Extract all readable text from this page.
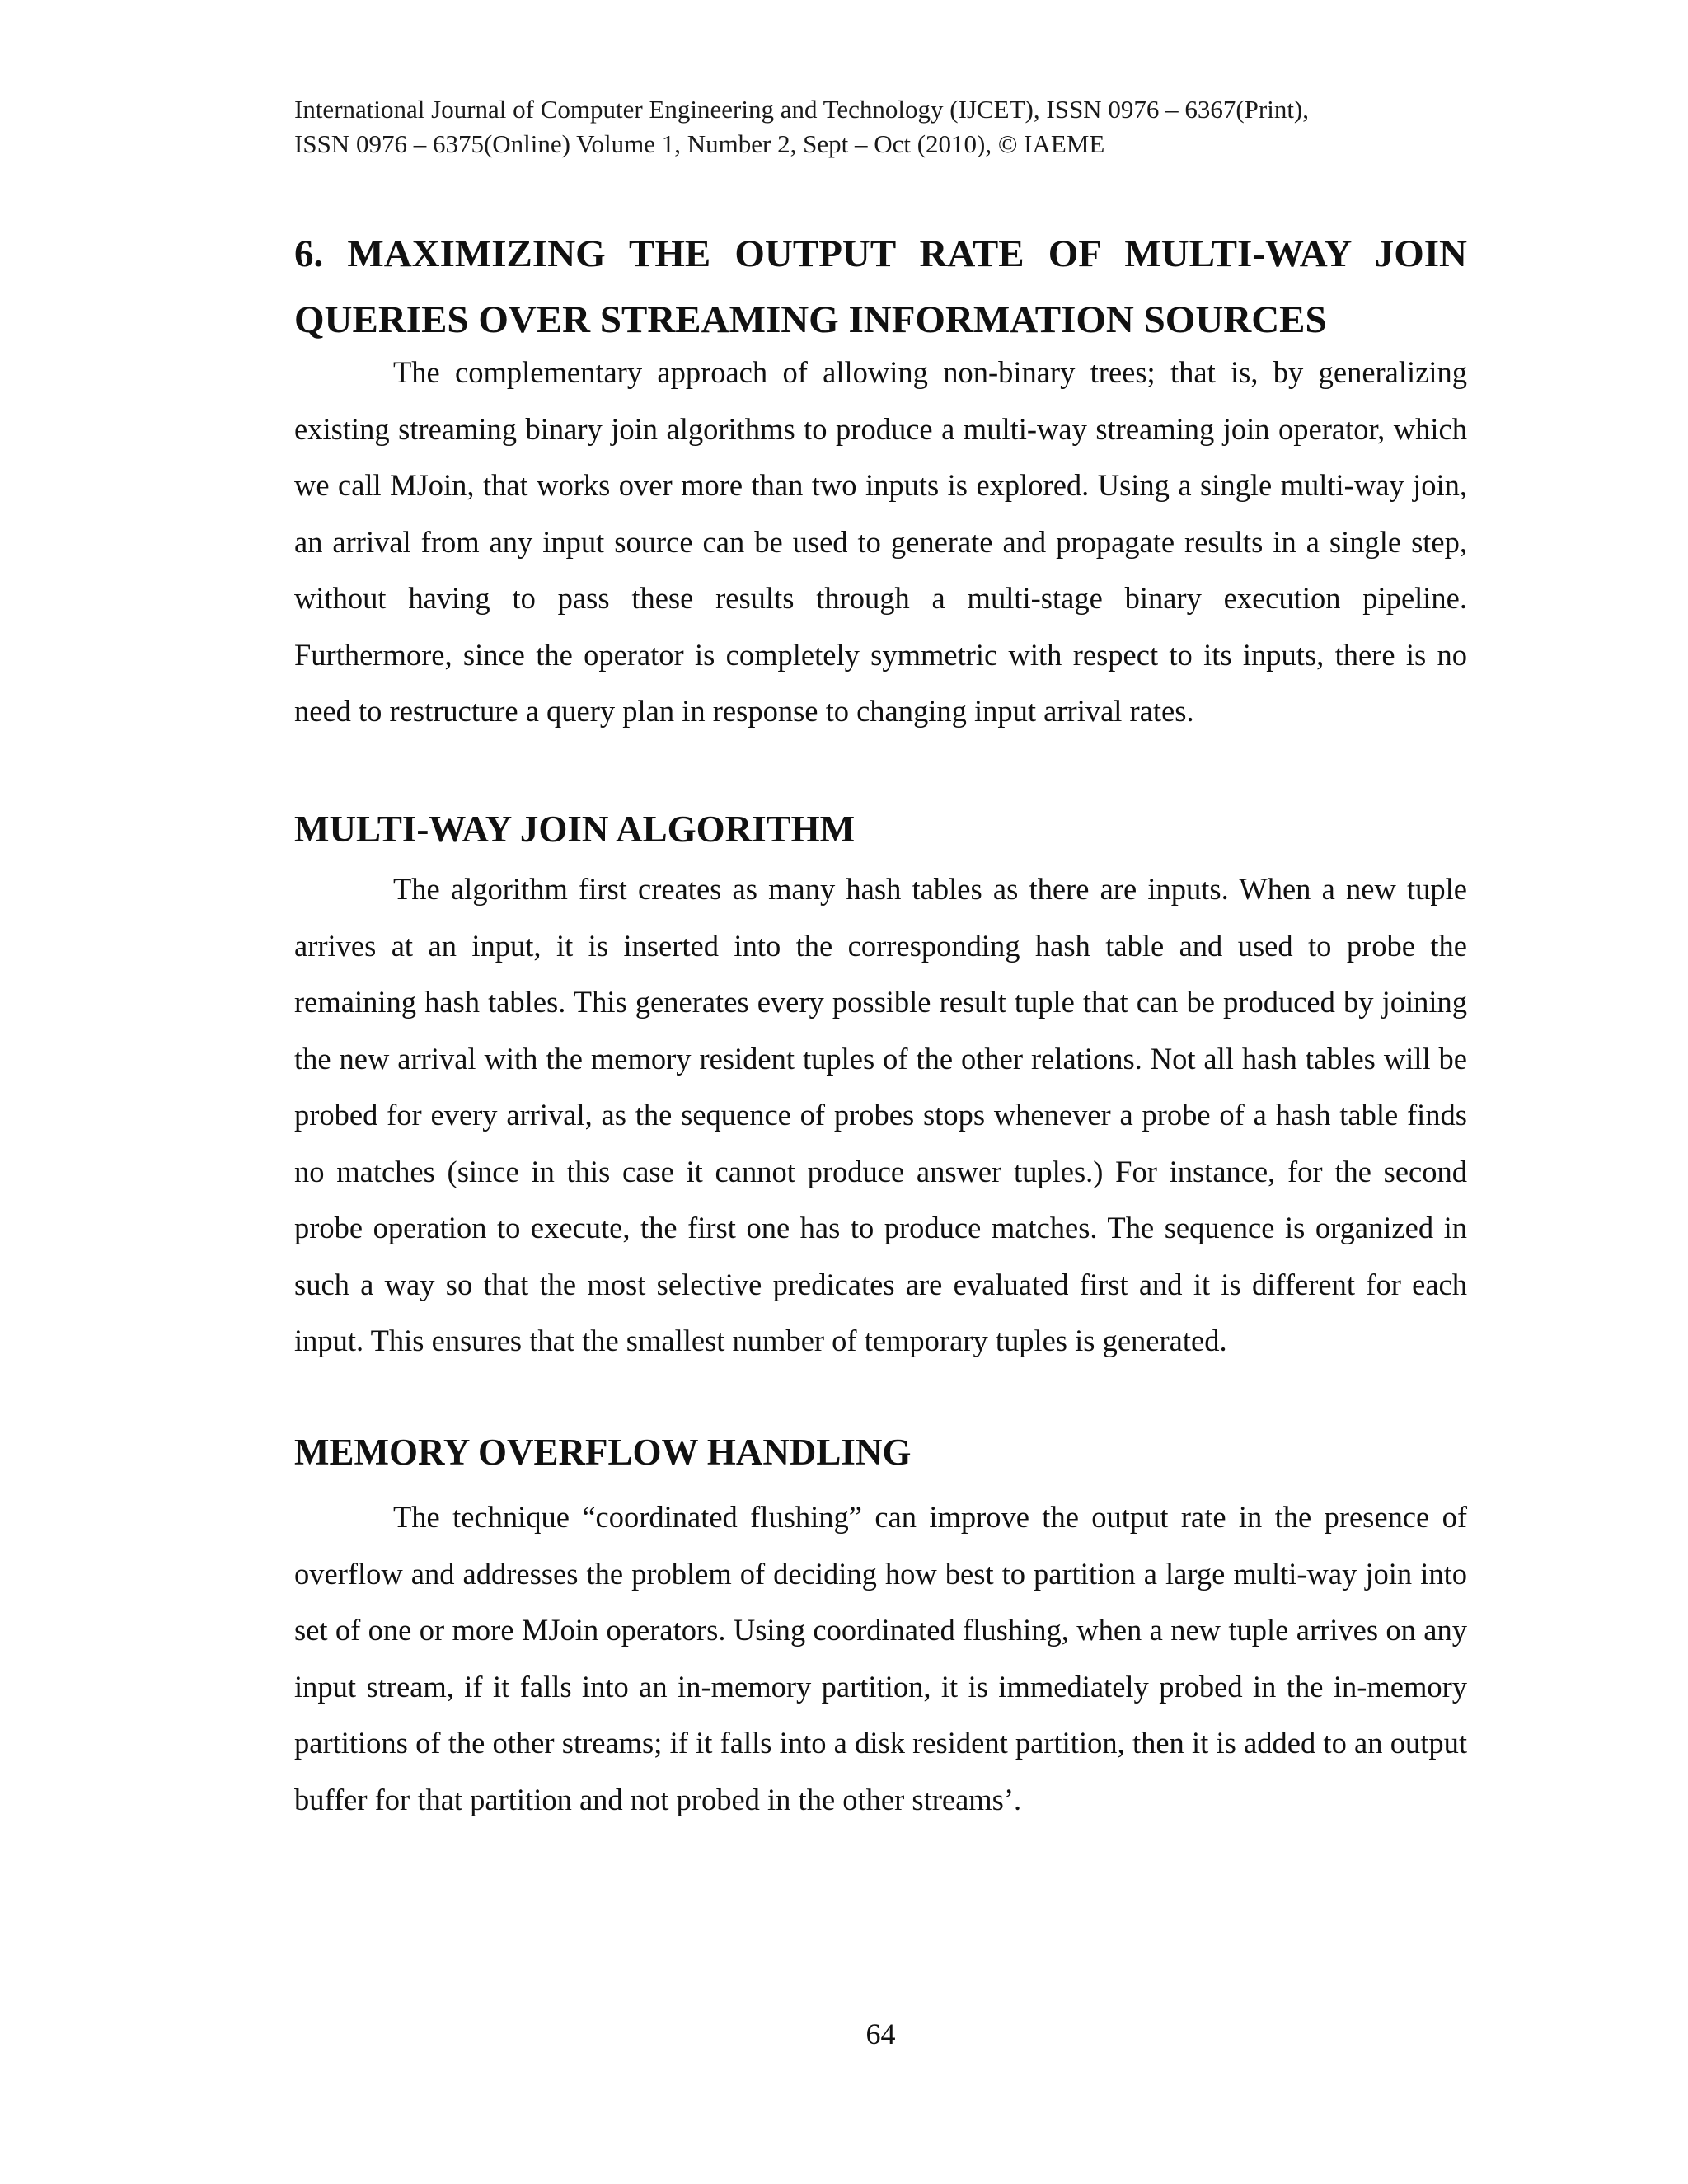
International Journal of Computer Engineering and Technology (IJCET), ISSN 0976 – 6367(Print),
ISSN 0976 – 6375(Online) Volume 1, Number 2, Sept – Oct (2010), © IAEME
6. MAXIMIZING THE OUTPUT RATE OF MULTI-WAY JOIN
QUERIES OVER STREAMING INFORMATION SOURCES

The complementary approach of allowing non-binary trees; that is, by generalizing existing streaming binary join algorithms to produce a multi-way streaming join operator, which we call MJoin, that works over more than two inputs is explored. Using a single multi-way join, an arrival from any input source can be used to generate and propagate results in a single step, without having to pass these results through a multi-stage binary execution pipeline. Furthermore, since the operator is completely symmetric with respect to its inputs, there is no need to restructure a query plan in response to changing input arrival rates.

MULTI-WAY JOIN ALGORITHM

The algorithm first creates as many hash tables as there are inputs. When a new tuple arrives at an input, it is inserted into the corresponding hash table and used to probe the remaining hash tables. This generates every possible result tuple that can be produced by joining the new arrival with the memory resident tuples of the other relations. Not all hash tables will be probed for every arrival, as the sequence of probes stops whenever a probe of a hash table finds no matches (since in this case it cannot produce answer tuples.) For instance, for the second probe operation to execute, the first one has to produce matches. The sequence is organized in such a way so that the most selective predicates are evaluated first and it is different for each input. This ensures that the smallest number of temporary tuples is generated.

MEMORY OVERFLOW HANDLING

The technique “coordinated flushing” can improve the output rate in the presence of overflow and addresses the problem of deciding how best to partition a large multi-way join into set of one or more MJoin operators. Using coordinated flushing, when a new tuple arrives on any input stream, if it falls into an in-memory partition, it is immediately probed in the in-memory partitions of the other streams; if it falls into a disk resident partition, then it is added to an output buffer for that partition and not probed in the other streams’.

64
